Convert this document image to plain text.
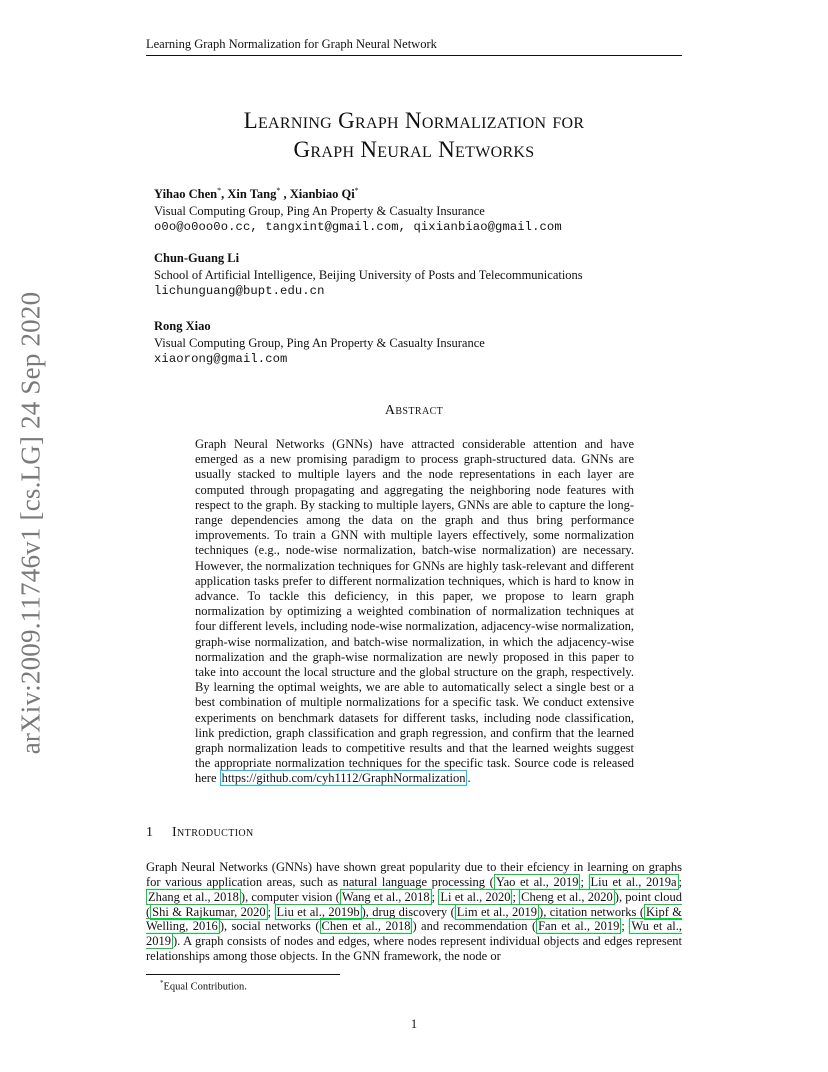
Learning Graph Normalization for Graph Neural Network
arXiv:2009.11746v1 [cs.LG] 24 Sep 2020
Learning Graph Normalization for
Graph Neural Networks
Yihao Chen*, Xin Tang* , Xianbiao Qi*
Visual Computing Group, Ping An Property & Casualty Insurance
o0o@o0oo0o.cc, tangxint@gmail.com, qixianbiao@gmail.com
Chun-Guang Li
School of Artificial Intelligence, Beijing University of Posts and Telecommunications
lichunguang@bupt.edu.cn
Rong Xiao
Visual Computing Group, Ping An Property & Casualty Insurance
xiaorong@gmail.com
Abstract
Graph Neural Networks (GNNs) have attracted considerable attention and have emerged as a new promising paradigm to process graph-structured data. GNNs are usually stacked to multiple layers and the node representations in each layer are computed through propagating and aggregating the neighboring node features with respect to the graph. By stacking to multiple layers, GNNs are able to capture the long-range dependencies among the data on the graph and thus bring performance improvements. To train a GNN with multiple layers effectively, some normalization techniques (e.g., node-wise normalization, batch-wise normalization) are necessary. However, the normalization techniques for GNNs are highly task-relevant and different application tasks prefer to different normalization techniques, which is hard to know in advance. To tackle this deficiency, in this paper, we propose to learn graph normalization by optimizing a weighted combination of normalization techniques at four different levels, including node-wise normalization, adjacency-wise normalization, graph-wise normalization, and batch-wise normalization, in which the adjacency-wise normalization and the graph-wise normalization are newly proposed in this paper to take into account the local structure and the global structure on the graph, respectively. By learning the optimal weights, we are able to automatically select a single best or a best combination of multiple normalizations for a specific task. We conduct extensive experiments on benchmark datasets for different tasks, including node classification, link prediction, graph classification and graph regression, and confirm that the learned graph normalization leads to competitive results and that the learned weights suggest the appropriate normalization techniques for the specific task. Source code is released here https://github.com/cyh1112/GraphNormalization .
1 Introduction
Graph Neural Networks (GNNs) have shown great popularity due to their efciency in learning on graphs for various application areas, such as natural language processing ( Yao et al., 2019 ; Liu et al., 2019a ; Zhang et al., 2018 ), computer vision ( Wang et al., 2018 ; Li et al., 2020 ; Cheng et al., 2020 ), point cloud ( Shi & Rajkumar, 2020 ; Liu et al., 2019b ), drug discovery ( Lim et al., 2019 ), citation networks ( Kipf & Welling, 2016 ), social networks ( Chen et al., 2018 ) and recommendation ( Fan et al., 2019 ; Wu et al., 2019 ). A graph consists of nodes and edges, where nodes represent individual objects and edges represent relationships among those objects. In the GNN framework, the node or
*Equal Contribution.
1
